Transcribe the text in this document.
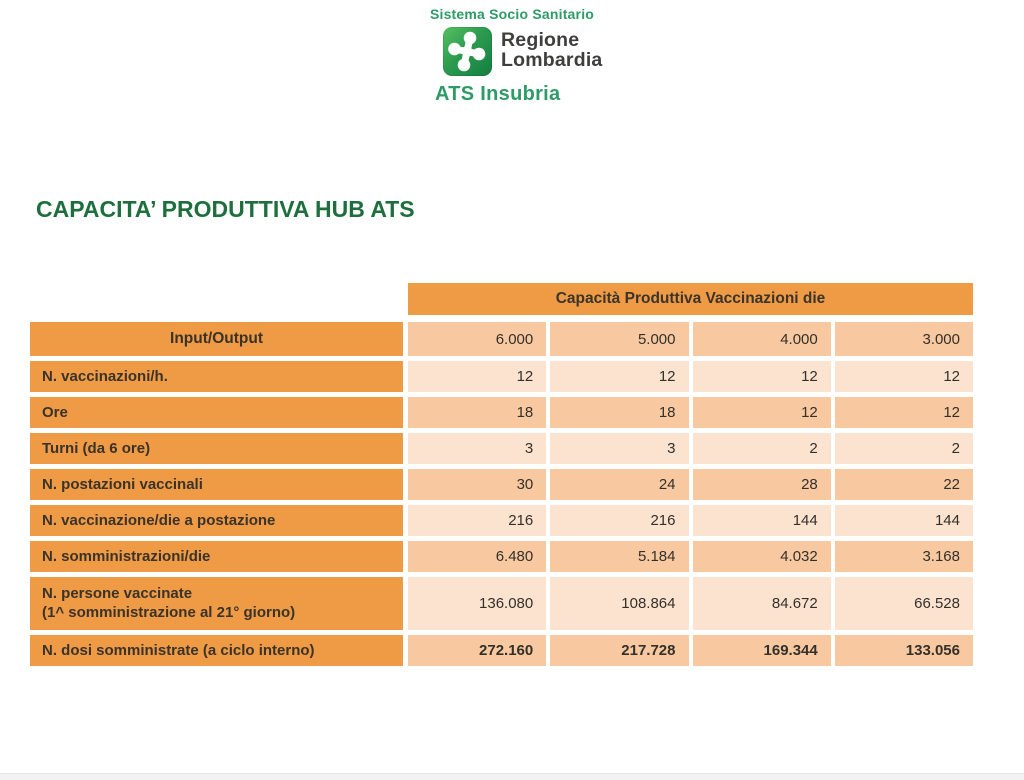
Sistema Socio Sanitario
Regione
Lombardia
ATS Insubria
CAPACITA’ PRODUTTIVA HUB ATS
Capacità Produttiva Vaccinazioni die
Input/Output	6.000	5.000	4.000	3.000
N. vaccinazioni/h.	12	12	12	12
Ore	18	18	12	12
Turni (da 6 ore)	3	3	2	2
N. postazioni vaccinali	30	24	28	22
N. vaccinazione/die a postazione	216	216	144	144
N. somministrazioni/die	6.480	5.184	4.032	3.168
N. persone vaccinate
(1^ somministrazione al 21° giorno)	136.080	108.864	84.672	66.528
N. dosi somministrate (a ciclo interno)	272.160	217.728	169.344	133.056
